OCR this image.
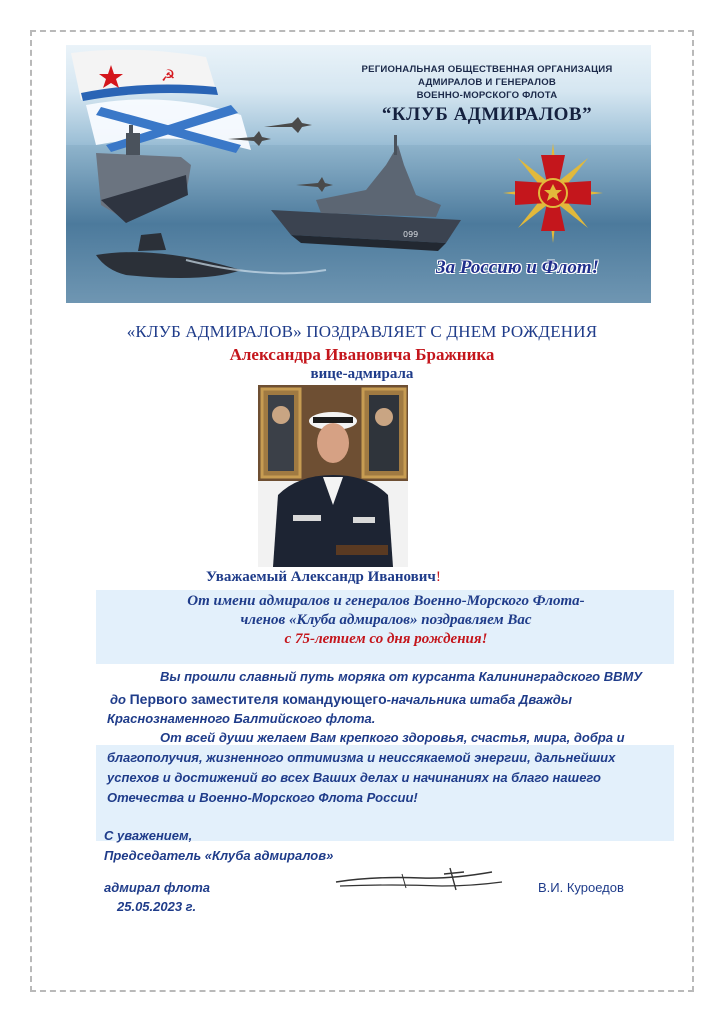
☭
099
РЕГИОНАЛЬНАЯ ОБЩЕСТВЕННАЯ ОРГАНИЗАЦИЯ
АДМИРАЛОВ И ГЕНЕРАЛОВ
ВОЕННО-МОРСКОГО ФЛОТА
“КЛУБ АДМИРАЛОВ”
За Россию и Флот!
«КЛУБ АДМИРАЛОВ» ПОЗДРАВЛЯЕТ С ДНЕМ РОЖДЕНИЯ
Александра Ивановича Бражника
вице-адмирала
Уважаемый Александр Иванович!
От имени адмиралов и генералов Военно-Морского Флота-
членов «Клуба адмиралов» поздравляем Вас
с 75-летием со дня рождения!
Вы прошли славный путь моряка от курсанта Калининградского ВВМУ
до Первого заместителя командующего-начальника штаба Дважды
Краснознаменного Балтийского флота.
От всей души желаем Вам крепкого здоровья, счастья, мира, добра и
благополучия, жизненного оптимизма и неиссякаемой энергии, дальнейших
успехов и достижений во всех Ваших делах и начинаниях на благо нашего
Отечества и Военно-Морского Флота России!
С уважением,
Председатель «Клуба адмиралов»
адмирал флота	В.И. Куроедов
25.05.2023 г.
